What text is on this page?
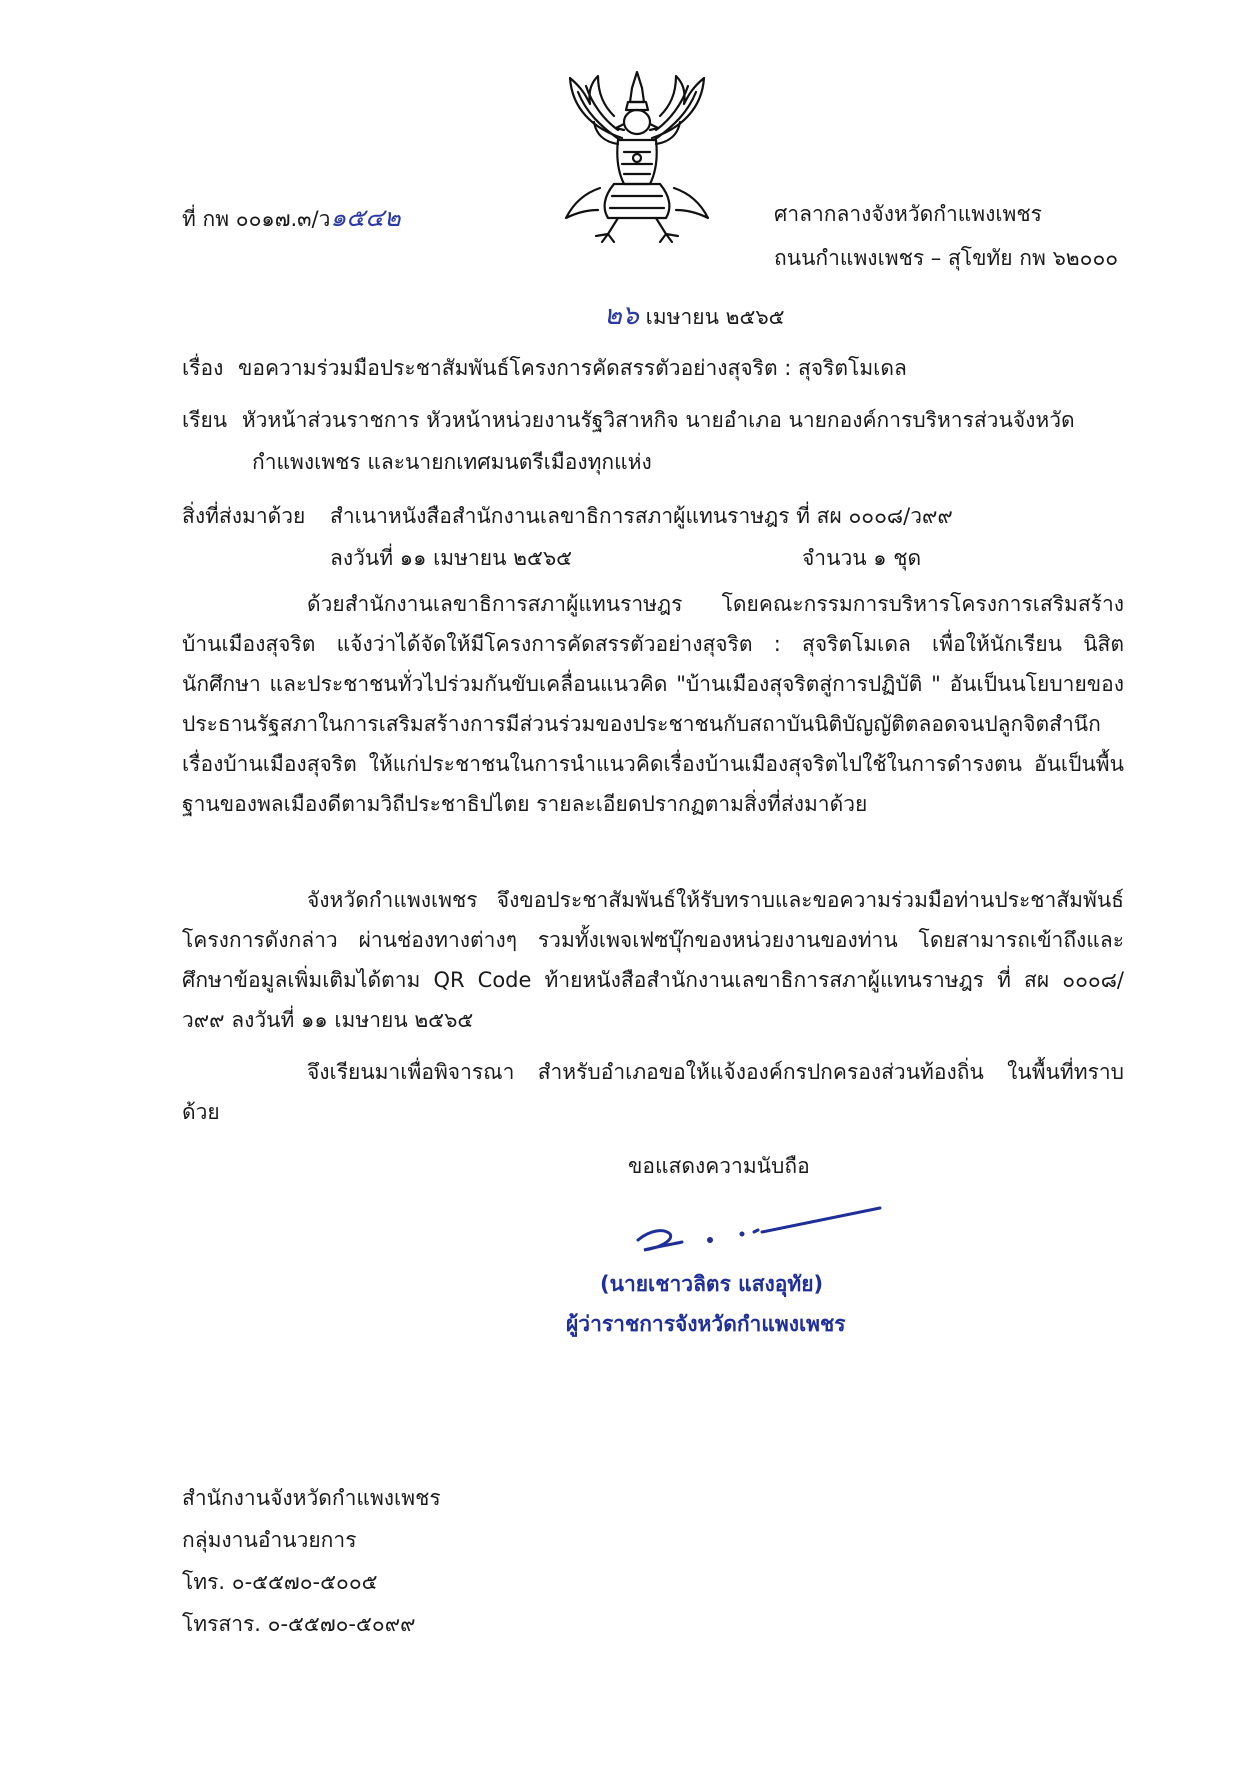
ที่ กพ ๐๐๑๗.๓/ว๑๕๔๒	ศาลากลางจังหวัดกำแพงเพชร
ถนนกำแพงเพชร – สุโขทัย กพ ๖๒๐๐๐
๒๖ เมษายน ๒๕๖๕
เรื่อง ขอความร่วมมือประชาสัมพันธ์โครงการคัดสรรตัวอย่างสุจริต : สุจริตโมเดล
เรียน หัวหน้าส่วนราชการ หัวหน้าหน่วยงานรัฐวิสาหกิจ นายอำเภอ นายกองค์การบริหารส่วนจังหวัด
กำแพงเพชร และนายกเทศมนตรีเมืองทุกแห่ง
สิ่งที่ส่งมาด้วย สำเนาหนังสือสำนักงานเลขาธิการสภาผู้แทนราษฎร ที่ สผ ๐๐๐๘/ว๙๙
ลงวันที่ ๑๑ เมษายน ๒๕๖๕	จำนวน ๑ ชุด
ด้วยสำนักงานเลขาธิการสภาผู้แทนราษฎร โดยคณะกรรมการบริหารโครงการเสริมสร้างบ้านเมืองสุจริต แจ้งว่าได้จัดให้มีโครงการคัดสรรตัวอย่างสุจริต : สุจริตโมเดล เพื่อให้นักเรียน นิสิต นักศึกษา และประชาชนทั่วไปร่วมกันขับเคลื่อนแนวคิด "บ้านเมืองสุจริตสู่การปฏิบัติ " อันเป็นนโยบายของประธานรัฐสภาในการเสริมสร้างการมีส่วนร่วมของประชาชนกับสถาบันนิติบัญญัติตลอดจนปลูกจิตสำนึกเรื่องบ้านเมืองสุจริต ให้แก่ประชาชนในการนำแนวคิดเรื่องบ้านเมืองสุจริตไปใช้ในการดำรงตน อันเป็นพื้นฐานของพลเมืองดีตามวิถีประชาธิปไตย รายละเอียดปรากฏตามสิ่งที่ส่งมาด้วย
จังหวัดกำแพงเพชร จึงขอประชาสัมพันธ์ให้รับทราบและขอความร่วมมือท่านประชาสัมพันธ์โครงการดังกล่าว ผ่านช่องทางต่างๆ รวมทั้งเพจเฟซบุ๊กของหน่วยงานของท่าน โดยสามารถเข้าถึงและศึกษาข้อมูลเพิ่มเติมได้ตาม QR Code ท้ายหนังสือสำนักงานเลขาธิการสภาผู้แทนราษฎร ที่ สผ ๐๐๐๘/ว๙๙ ลงวันที่ ๑๑ เมษายน ๒๕๖๕
จึงเรียนมาเพื่อพิจารณา สำหรับอำเภอขอให้แจ้งองค์กรปกครองส่วนท้องถิ่น ในพื้นที่ทราบด้วย
ขอแสดงความนับถือ
(นายเชาวลิตร แสงอุทัย)
ผู้ว่าราชการจังหวัดกำแพงเพชร
สำนักงานจังหวัดกำแพงเพชร
กลุ่มงานอำนวยการ
โทร. ๐-๕๕๗๐-๕๐๐๕
โทรสาร. ๐-๕๕๗๐-๕๐๙๙
